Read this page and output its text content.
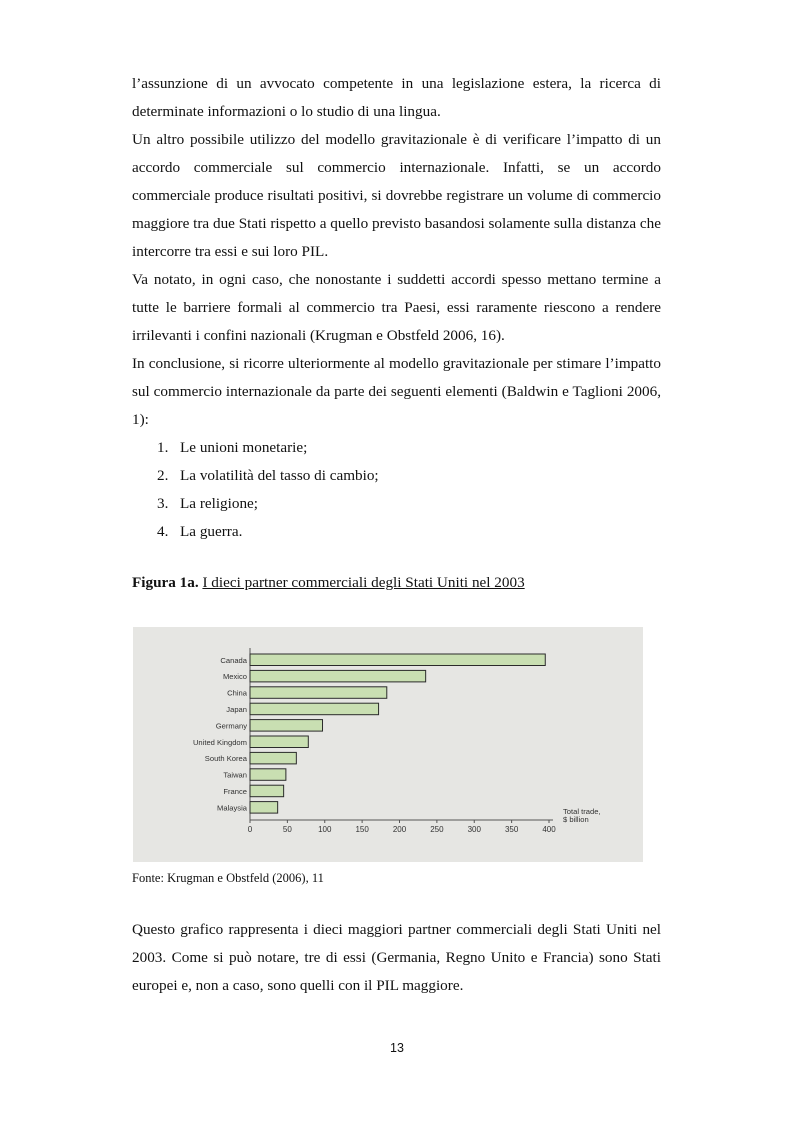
l’assunzione di un avvocato competente in una legislazione estera, la ricerca di determinate informazioni o lo studio di una lingua.

Un altro possibile utilizzo del modello gravitazionale è di verificare l’impatto di un accordo commerciale sul commercio internazionale. Infatti, se un accordo commerciale produce risultati positivi, si dovrebbe registrare un volume di commercio maggiore tra due Stati rispetto a quello previsto basandosi solamente sulla distanza che intercorre tra essi e sui loro PIL.

Va notato, in ogni caso, che nonostante i suddetti accordi spesso mettano termine a tutte le barriere formali al commercio tra Paesi, essi raramente riescono a rendere irrilevanti i confini nazionali (Krugman e Obstfeld 2006, 16).

In conclusione, si ricorre ulteriormente al modello gravitazionale per stimare l’impatto sul commercio internazionale da parte dei seguenti elementi (Baldwin e Taglioni 2006, 1):

1. Le unioni monetarie;
2. La volatilità del tasso di cambio;
3. La religione;
4. La guerra.
Figura 1a. I dieci partner commerciali degli Stati Uniti nel 2003
Canada
Mexico
China
Japan
Germany
United Kingdom
South Korea
Taiwan
France
Malaysia
0	50	100	150	200	250	300	350	400
Total trade, $ billion
Fonte: Krugman e Obstfeld (2006), 11

Questo grafico rappresenta i dieci maggiori partner commerciali degli Stati Uniti nel 2003. Come si può notare, tre di essi (Germania, Regno Unito e Francia) sono Stati europei e, non a caso, sono quelli con il PIL maggiore.

13
